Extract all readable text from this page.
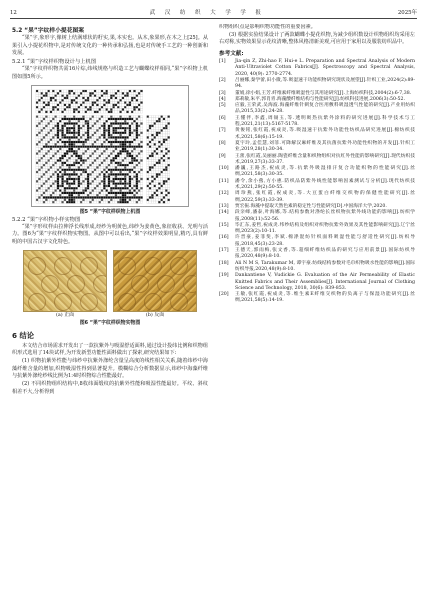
12	武 汉 纺 织 大 学 学 报	2025年
5.2 “果”字纹样小提花图案

“果”字,象形字,像树上结满球状的籽实,果,本实也。从木,象果形,在木之上[25]。从果引入小提花织物中,是对传统文化的一种传承和弘扬,也是对传统手工艺的一种创新和发展。

5.2.1 “果”字纹样织物设计与上机图

“果”字纹样织物共需16片综,纬线规格与织造工艺与蝴蝶纹样相同,“果”字织物上机图如图5所示。

图5 “果”字纹样织物上机图
5.2.2 “果”字织物小样实物图

“果”字形纹样由拉伸浮长线形成,经纱为明黄色,纬纱为姜黄色,象征收获、光明与活力。图6为“果”字纹样织物实物图。从图中可以看出,“果”字纹样效果明显,精巧,具有鲜明的中国古汉字文化特色。

(a) 正面	(b) 反面
图6 “果”字纹样织物实物图
6 结论

本文结合市场需求开发出了一款抗紫外与吸湿舒适面料,通过设计投纬比例和织物组织形式选用了14块试样,为开发新型功能性面料做出了探索,研究结果如下:

(1) 织物抗紫外性能与纬纱中抗紫外涤纶含量呈高度的线性相关关系,随着纬纱中海藻纤维含量的增加,织物吸湿性得到显著提升。模糊综合分析数据显示,纬纱中海藻纤维与抗紫外涤纶纱线比例为1:4时织物综合性能最好。

(2) 不同织物组织结构中,8枚纬面缎纹的抗紫外性能和吸湿性能最好。平纹、斜纹相差不大,分析得到

织物组织点是影响织物功能性的重要因素。

(3) 根据实验结果设计了两款蝴蝶小提花织物,为减少组织数设计织物组织均采用左右对称,实物效果显示花纹清晰,整体风格清新美观,可应用于家用以及服装纺织品中。

参考文献:
[1]	Jia-qin Z, Zhi-hao F, Hui-e L. Preparation and Spectral Analysis of Modern Anti-Ultraviolet Cotton Fabrics[J]. Spectroscopy and Spectral Analysis, 2020, 40(9): 2770-2774.
[2]	吕丽娜,秦学蕾,田小微,等.吸湿速干功能织物研究现状及展望[J].针织工业,2024(2):89-94.
[3]	董娟,徐小娟,王芳.纤维素纤维吸湿性与其用途研究[J].上海纺织科技,2004(2):6-7,38.
[4]	郑莉敏,朱平,郭肖青.海藻酸纤维结构与性能研究[J].纺织科技进展,2006(3):50-52.
[5]	应毅,王荣武,吴海波.海藻纤维针刺复合医用敷料吸湿透气性能的研究[J].产业用纺织品,2015,33(2):24-28.
[6]	王懂伴,李鑫,周锡玉,等.透明吸热抗紫外涂料的研究进展[J].科学技术与工程,2021,21(13):5167-5178.
[7]	黄俊铭,张红霞,祝成炎,等.吸湿速干抗紫外功能性纺织品研究进展[J].棉纺织技术,2021,58(6):15-19.
[8]	夏宇玲,孟佳慧,刘菲.可降解汉麻纤维及其抗菌抗紫外功能性织物的开发[J].针织工业,2019,28(1):30-34.
[9]	王蕾,张红霞,吴丽丽.陶瓷纤维含量和织物组织对抗红外性能的影响研究[J].现代纺织技术,2019,27(3):33-37.
[10]	潘巍,王路杰,祝成炎,等.抗紫外吸湿排汗复合功能织物的性能研究[J].丝绸,2021,58(3):30-35.
[11]	潘令,余小燕,方小惠.防织品防紫外线性能影响因素测试与分析[J].现代纺织技术,2021,29(2):50-55.
[12]	周珍燕,张红霞,祝成炎,等.大豆蛋白纤维交织物的保健性能研究[J].丝绸,2022,59(3):33-39.
[13]	贾宏振.海藻中提取天然色素的稳定性与性能研究[D].中国海洋大学,2020.
[14]	段亲峰,潘泰,叶海娜,等.结构参数对涤纶长丝织物抗紫外线功能的影响[J].纺织学报,2008(11):52-56.
[15]	毕汇东,姜哲,祝成炎.纬纱结构及组织对织物抗紫外效果及其性能影响研究[J].辽宁丝绸,2023(2):10-11.
[16]	许晋豪,姜菲斐,李斌.棉涤混纺针织面料吸湿性能与舒适性研究[J].纺织导报,2018,45(3):23-28.
[17]	王德天,郭雨梅,张文香,等.超细纤维纺织品的研究与应用前景[J].国际纺织导报,2020,48(9):8-10.
[18]	Ali N M S, Tarakumar M, 谭宇豪.纺线结构参数对毛巾织物吸水性能的影响[J].国际纺织导报,2020,48(9):8-10.
[19]	Dankantiene V, Vudickie G. Evaluation of the Air Permeability of Elastic Knitted Fabrics and Their Assemblies[J]. International Journal of Clothing Science and Technology, 2018, 30(6): 839-853.
[20]	王敏,张红霞,祝成炎,等.维生素E纤维交织物的负离子与保湿功能研究[J].丝绸,2021,58(5):14-19.
